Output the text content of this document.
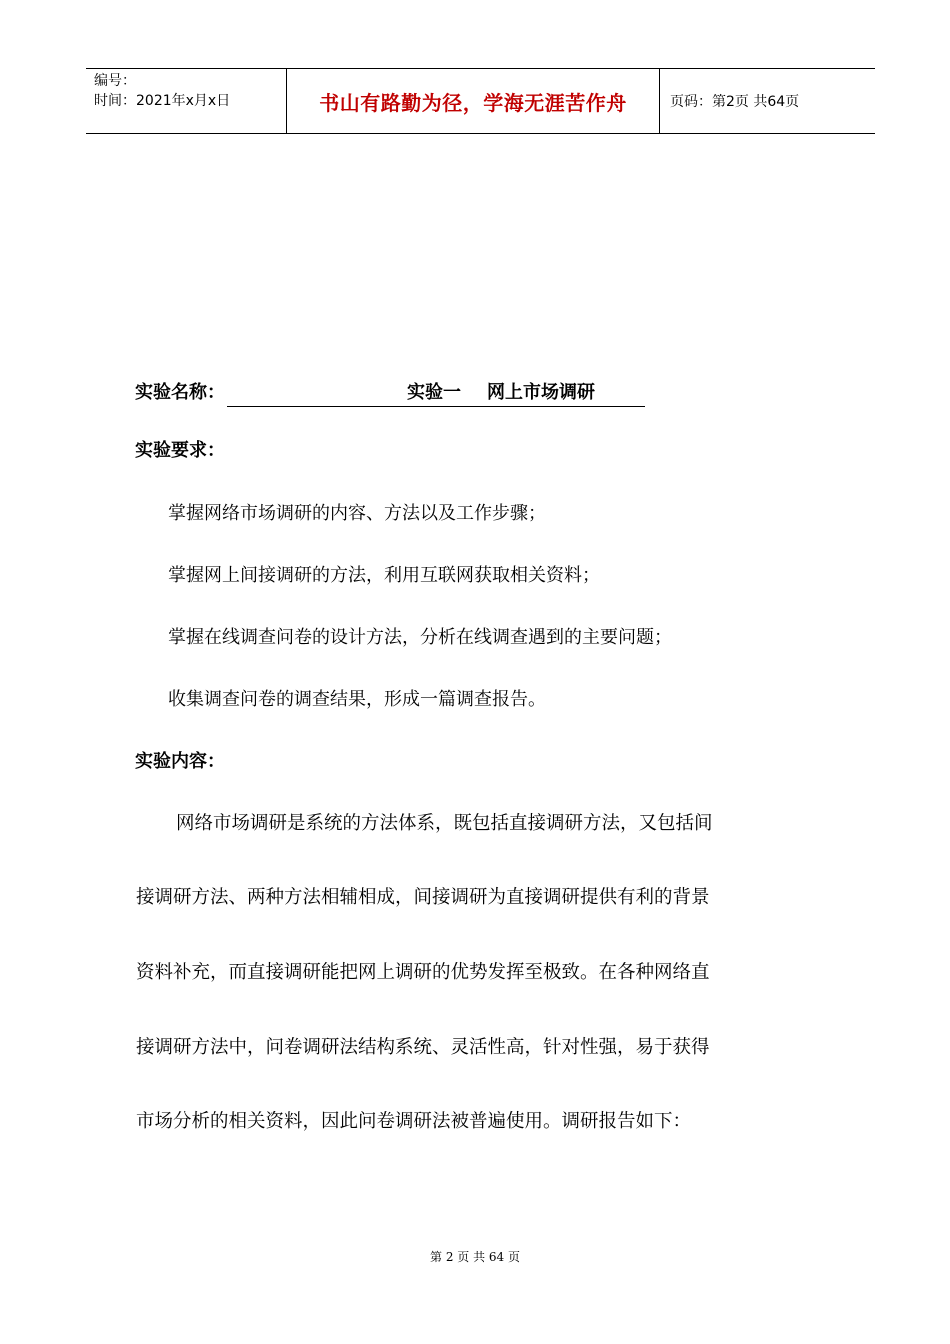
编号：
时间：2021年x月x日	书山有路勤为径，学海无涯苦作舟	页码：第2页 共64页
实验名称：	实验一 网上市场调研
实验要求：
掌握网络市场调研的内容、方法以及工作步骤；
掌握网上间接调研的方法，利用互联网获取相关资料；
掌握在线调查问卷的设计方法，分析在线调查遇到的主要问题；
收集调查问卷的调查结果，形成一篇调查报告。
实验内容：
网络市场调研是系统的方法体系，既包括直接调研方法，又包括间
接调研方法、两种方法相辅相成，间接调研为直接调研提供有利的背景
资料补充，而直接调研能把网上调研的优势发挥至极致。在各种网络直
接调研方法中，问卷调研法结构系统、灵活性高，针对性强，易于获得
市场分析的相关资料，因此问卷调研法被普遍使用。调研报告如下：
第 2 页 共 64 页
